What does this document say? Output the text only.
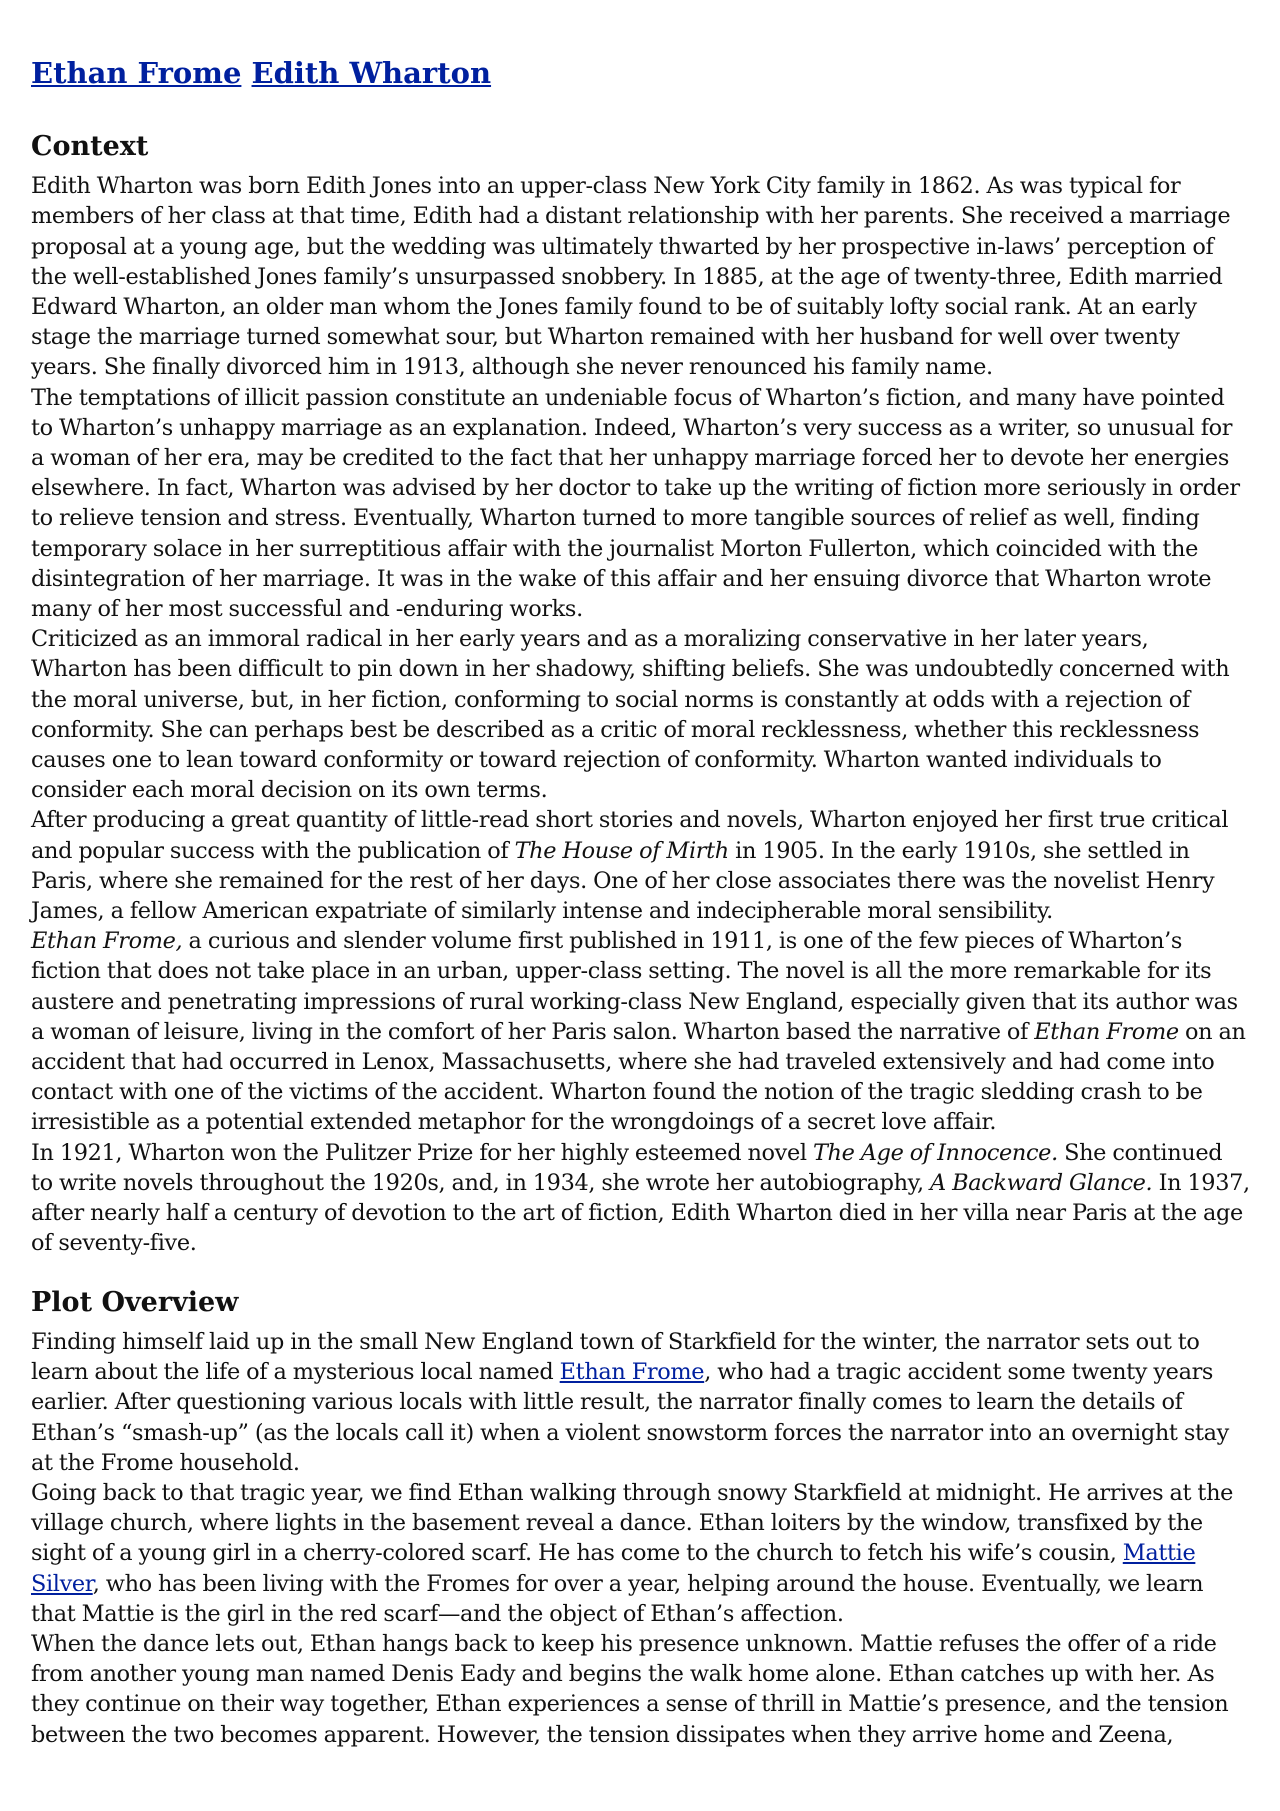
Ethan Frome Edith Wharton
Context

Edith Wharton was born Edith Jones into an upper-class New York City family in 1862. As was typical for members of her class at that time, Edith had a distant relationship with her parents. She received a marriage proposal at a young age, but the wedding was ultimately thwarted by her prospective in-laws’ perception of the well-established Jones family’s unsurpassed snobbery. In 1885, at the age of twenty-three, Edith married Edward Wharton, an older man whom the Jones family found to be of suitably lofty social rank. At an early stage the marriage turned somewhat sour, but Wharton remained with her husband for well over twenty years. She finally divorced him in 1913, although she never renounced his family name.

The temptations of illicit passion constitute an undeniable focus of Wharton’s fiction, and many have pointed to Wharton’s unhappy marriage as an explanation. Indeed, Wharton’s very success as a writer, so unusual for a woman of her era, may be credited to the fact that her unhappy marriage forced her to devote her energies elsewhere. In fact, Wharton was advised by her doctor to take up the writing of fiction more seriously in order to relieve tension and stress. Eventually, Wharton turned to more tangible sources of relief as well, finding temporary solace in her surreptitious affair with the journalist Morton Fullerton, which coincided with the disintegration of her marriage. It was in the wake of this affair and her ensuing divorce that Wharton wrote many of her most successful and -enduring works.

Criticized as an immoral radical in her early years and as a moralizing conservative in her later years, Wharton has been difficult to pin down in her shadowy, shifting beliefs. She was undoubtedly concerned with the moral universe, but, in her fiction, conforming to social norms is constantly at odds with a rejection of conformity. She can perhaps best be described as a critic of moral recklessness, whether this recklessness causes one to lean toward conformity or toward rejection of conformity. Wharton wanted individuals to consider each moral decision on its own terms.

After producing a great quantity of little-read short stories and novels, Wharton enjoyed her first true critical and popular success with the publication of The House of Mirth in 1905. In the early 1910s, she settled in Paris, where she remained for the rest of her days. One of her close associates there was the novelist Henry James, a fellow American expatriate of similarly intense and indecipherable moral sensibility.

Ethan Frome, a curious and slender volume first published in 1911, is one of the few pieces of Wharton’s fiction that does not take place in an urban, upper-class setting. The novel is all the more remarkable for its austere and penetrating impressions of rural working-class New England, especially given that its author was a woman of leisure, living in the comfort of her Paris salon. Wharton based the narrative of Ethan Frome on an accident that had occurred in Lenox, Massachusetts, where she had traveled extensively and had come into contact with one of the victims of the accident. Wharton found the notion of the tragic sledding crash to be irresistible as a potential extended metaphor for the wrongdoings of a secret love affair.

In 1921, Wharton won the Pulitzer Prize for her highly esteemed novel The Age of Innocence. She continued to write novels throughout the 1920s, and, in 1934, she wrote her autobiography, A Backward Glance. In 1937, after nearly half a century of devotion to the art of fiction, Edith Wharton died in her villa near Paris at the age of seventy-five.

Plot Overview

Finding himself laid up in the small New England town of Starkfield for the winter, the narrator sets out to learn about the life of a mysterious local named Ethan Frome, who had a tragic accident some twenty years earlier. After questioning various locals with little result, the narrator finally comes to learn the details of Ethan’s “smash-up” (as the locals call it) when a violent snowstorm forces the narrator into an overnight stay at the Frome household.

Going back to that tragic year, we find Ethan walking through snowy Starkfield at midnight. He arrives at the village church, where lights in the basement reveal a dance. Ethan loiters by the window, transfixed by the sight of a young girl in a cherry-colored scarf. He has come to the church to fetch his wife’s cousin, Mattie Silver, who has been living with the Fromes for over a year, helping around the house. Eventually, we learn that Mattie is the girl in the red scarf—and the object of Ethan’s affection.

When the dance lets out, Ethan hangs back to keep his presence unknown. Mattie refuses the offer of a ride from another young man named Denis Eady and begins the walk home alone. Ethan catches up with her. As they continue on their way together, Ethan experiences a sense of thrill in Mattie’s presence, and the tension between the two becomes apparent. However, the tension dissipates when they arrive home and Zeena,
